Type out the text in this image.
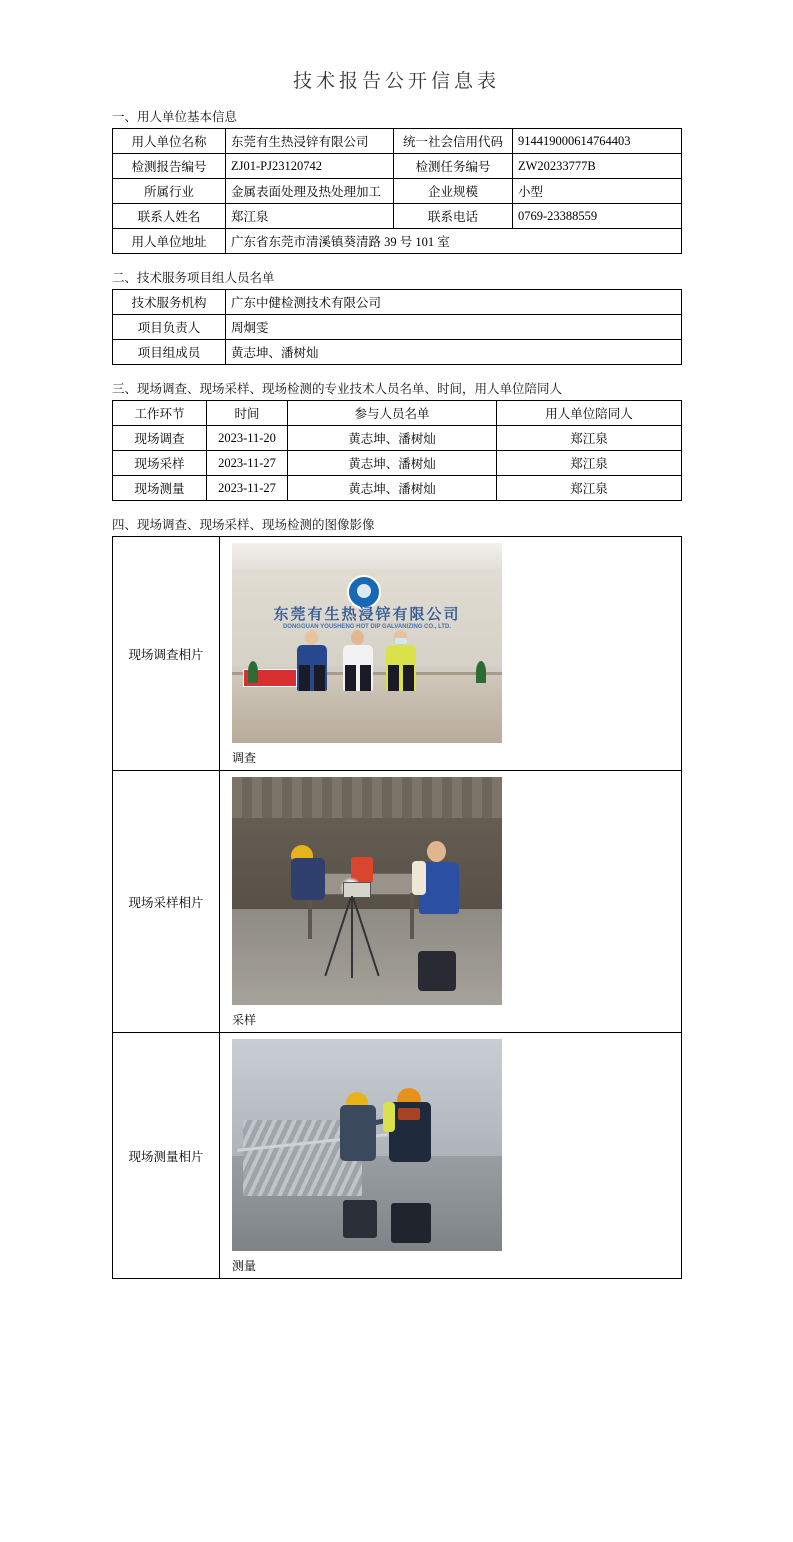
技术报告公开信息表
一、用人单位基本信息
用人单位名称	东莞有生热浸锌有限公司	统一社会信用代码	914419000614764403
检测报告编号	ZJ01-PJ23120742	检测任务编号	ZW20233777B
所属行业	金属表面处理及热处理加工	企业规模	小型
联系人姓名	郑江泉	联系电话	0769-23388559
用人单位地址	广东省东莞市清溪镇葵清路 39 号 101 室		
二、技术服务项目组人员名单
技术服务机构	广东中健检测技术有限公司
项目负责人	周炯雯
项目组成员	黄志坤、潘树灿
三、现场调查、现场采样、现场检测的专业技术人员名单、时间，用人单位陪同人
工作环节	时间	参与人员名单	用人单位陪同人
现场调查	2023-11-20	黄志坤、潘树灿	郑江泉
现场采样	2023-11-27	黄志坤、潘树灿	郑江泉
现场测量	2023-11-27	黄志坤、潘树灿	郑江泉
四、现场调查、现场采样、现场检测的图像影像
现场调查相片	东莞有生热浸锌有限公司
DONGGUAN YOUSHENG HOT DIP GALVANIZING CO., LTD.
调查

现场采样相片	采样

现场测量相片	测量
